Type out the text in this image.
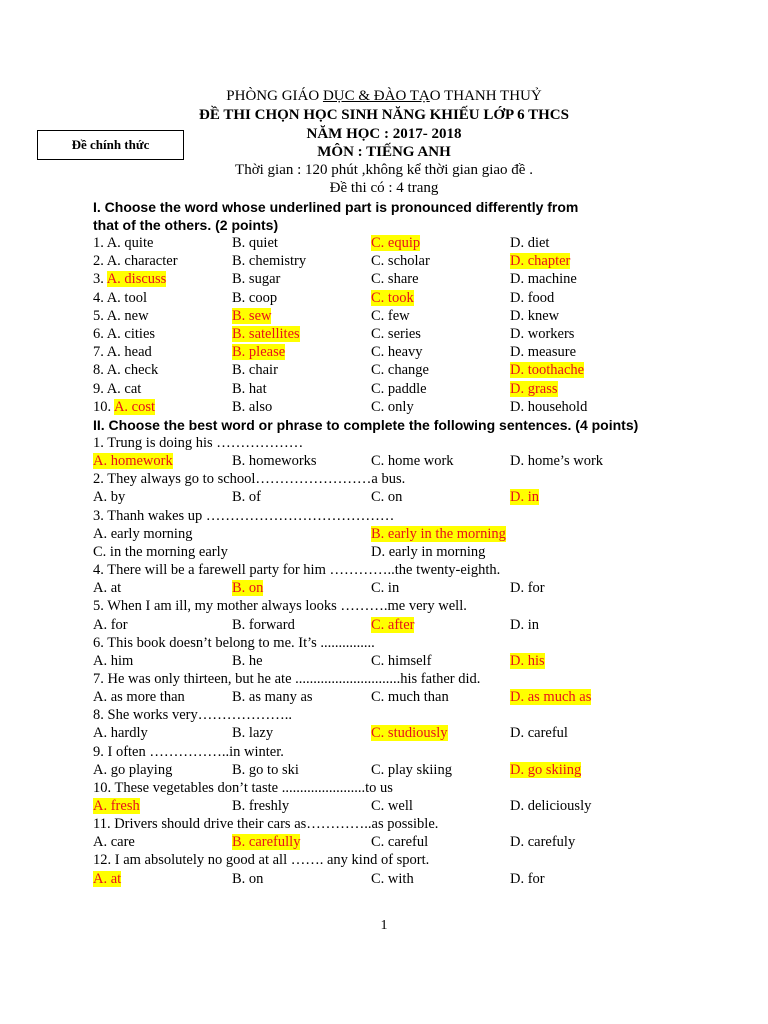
PHÒNG GIÁO DỤC & ĐÀO TẠO THANH THUỶ
ĐỀ THI CHỌN HỌC SINH NĂNG KHIẾU LỚP 6 THCS
NĂM HỌC : 2017- 2018
MÔN : TIẾNG ANH
Thời gian : 120 phút ,không kể thời gian giao đề .
Đề thi có : 4 trang
Đề chính thức
I. Choose the word whose underlined part is pronounced differently from
that of the others. (2 points)
1. A. quite	B. quiet	C. equip	D. diet
2. A. character	B. chemistry	C. scholar	D. chapter
3. A. discuss	B. sugar	C. share	D. machine
4. A. tool	B. coop	C. took	D. food
5. A. new	B. sew	C. few	D. knew
6. A. cities	B. satellites	C. series	D. workers
7. A. head	B. please	C. heavy	D. measure
8. A. check	B. chair	C. change	D. toothache
9. A. cat	B. hat	C. paddle	D. grass
10. A. cost	B. also	C. only	D. household
II. Choose the best word or phrase to complete the following sentences. (4 points)
1. Trung is doing his ………………
A. homework	B. homeworks	C. home work	D. home’s work
2. They always go to school……………………a bus.
A. by	B. of	C. on	D. in
3. Thanh wakes up …………………………………
A. early morning	B. early in the morning
C. in the morning early	D. early in morning
4. There will be a farewell party for him …………..the twenty-eighth.
A. at	B. on	C. in	D. for
5. When I am ill, my mother always looks ……….me very well.
A. for	B. forward	C. after	D. in
6. This book doesn’t belong to me. It’s ...............
A. him	B. he	C. himself	D. his
7. He was only thirteen, but he ate .............................his father did.
A. as more than	B. as many as	C. much than	D. as much as
8. She works very………………..
A. hardly	B. lazy	C. studiously	D. careful
9. I often ……………..in winter.
A. go playing	B. go to ski	C. play skiing	D. go skiing
10. These vegetables don’t taste .......................to us
A. fresh	B. freshly	C. well	D. deliciously
11. Drivers should drive their cars as…………..as possible.
A. care	B. carefully	C. careful	D. carefuly
12. I am absolutely no good at all ……. any kind of sport.
A. at	B. on	C. with	D. for
1
